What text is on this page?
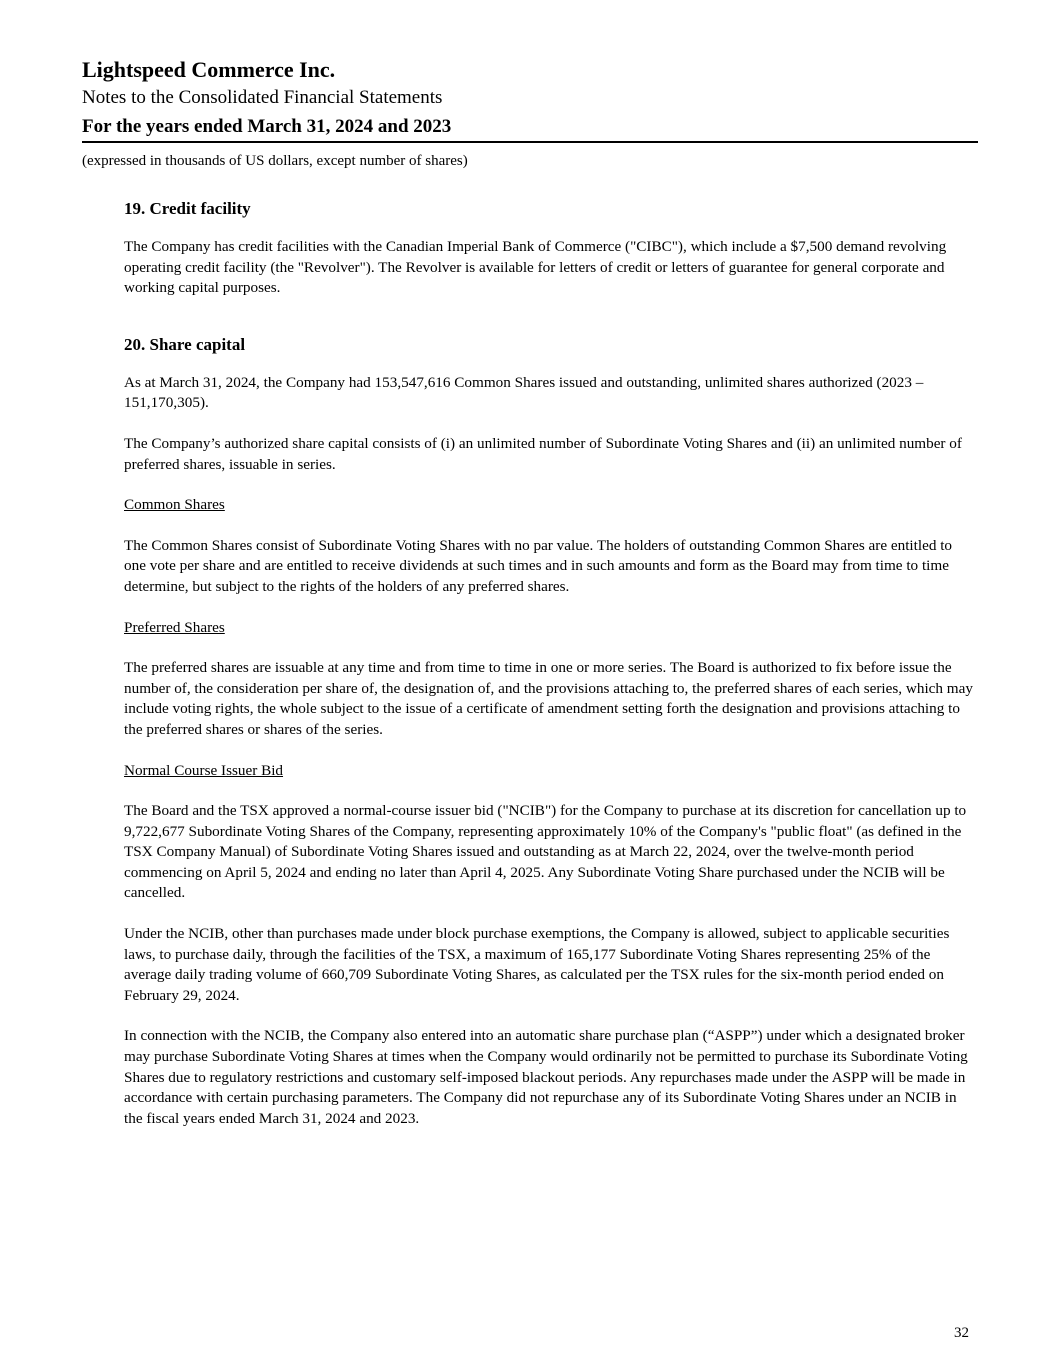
Lightspeed Commerce Inc.
Notes to the Consolidated Financial Statements
For the years ended March 31, 2024 and 2023
(expressed in thousands of US dollars, except number of shares)
19. Credit facility

The Company has credit facilities with the Canadian Imperial Bank of Commerce ("CIBC"), which include a $7,500 demand revolving operating credit facility (the "Revolver"). The Revolver is available for letters of credit or letters of guarantee for general corporate and working capital purposes.

20. Share capital

As at March 31, 2024, the Company had 153,547,616 Common Shares issued and outstanding, unlimited shares authorized (2023 – 151,170,305).

The Company’s authorized share capital consists of (i) an unlimited number of Subordinate Voting Shares and (ii) an unlimited number of preferred shares, issuable in series.

Common Shares

The Common Shares consist of Subordinate Voting Shares with no par value. The holders of outstanding Common Shares are entitled to one vote per share and are entitled to receive dividends at such times and in such amounts and form as the Board may from time to time determine, but subject to the rights of the holders of any preferred shares.

Preferred Shares

The preferred shares are issuable at any time and from time to time in one or more series. The Board is authorized to fix before issue the number of, the consideration per share of, the designation of, and the provisions attaching to, the preferred shares of each series, which may include voting rights, the whole subject to the issue of a certificate of amendment setting forth the designation and provisions attaching to the preferred shares or shares of the series.

Normal Course Issuer Bid

The Board and the TSX approved a normal-course issuer bid ("NCIB") for the Company to purchase at its discretion for cancellation up to 9,722,677 Subordinate Voting Shares of the Company, representing approximately 10% of the Company's "public float" (as defined in the TSX Company Manual) of Subordinate Voting Shares issued and outstanding as at March 22, 2024, over the twelve-month period commencing on April 5, 2024 and ending no later than April 4, 2025. Any Subordinate Voting Share purchased under the NCIB will be cancelled.

Under the NCIB, other than purchases made under block purchase exemptions, the Company is allowed, subject to applicable securities laws, to purchase daily, through the facilities of the TSX, a maximum of 165,177 Subordinate Voting Shares representing 25% of the average daily trading volume of 660,709 Subordinate Voting Shares, as calculated per the TSX rules for the six-month period ended on February 29, 2024.

In connection with the NCIB, the Company also entered into an automatic share purchase plan (“ASPP”) under which a designated broker may purchase Subordinate Voting Shares at times when the Company would ordinarily not be permitted to purchase its Subordinate Voting Shares due to regulatory restrictions and customary self-imposed blackout periods. Any repurchases made under the ASPP will be made in accordance with certain purchasing parameters. The Company did not repurchase any of its Subordinate Voting Shares under an NCIB in the fiscal years ended March 31, 2024 and 2023.

32
